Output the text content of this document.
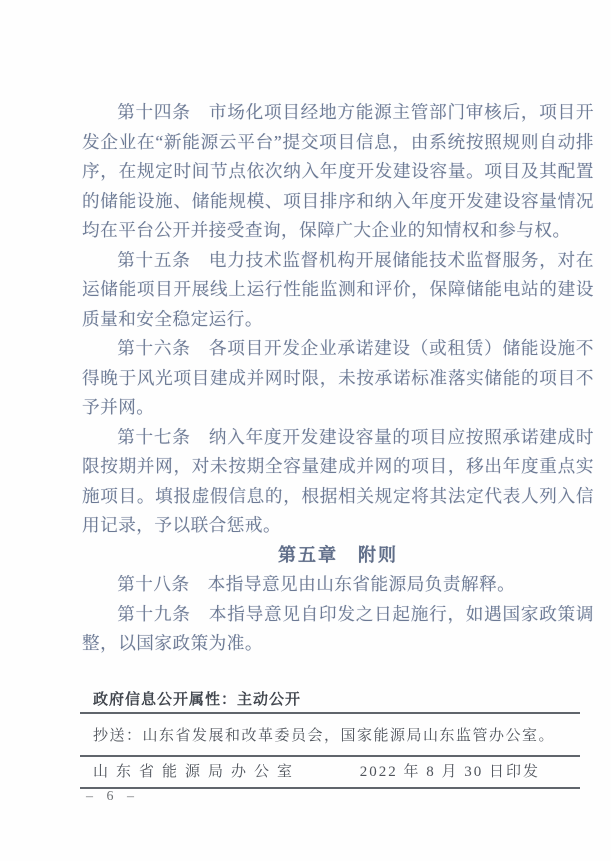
第十四条　市场化项目经地方能源主管部门审核后，项目开发企业在“新能源云平台”提交项目信息，由系统按照规则自动排序，在规定时间节点依次纳入年度开发建设容量。项目及其配置的储能设施、储能规模、项目排序和纳入年度开发建设容量情况均在平台公开并接受查询，保障广大企业的知情权和参与权。

第十五条　电力技术监督机构开展储能技术监督服务，对在运储能项目开展线上运行性能监测和评价，保障储能电站的建设质量和安全稳定运行。

第十六条　各项目开发企业承诺建设（或租赁）储能设施不得晚于风光项目建成并网时限，未按承诺标准落实储能的项目不予并网。

第十七条　纳入年度开发建设容量的项目应按照承诺建成时限按期并网，对未按期全容量建成并网的项目，移出年度重点实施项目。填报虚假信息的，根据相关规定将其法定代表人列入信用记录，予以联合惩戒。

第五章　附则

第十八条　本指导意见由山东省能源局负责解释。

第十九条　本指导意见自印发之日起施行，如遇国家政策调整，以国家政策为准。

政府信息公开属性：主动公开
抄送：山东省发展和改革委员会，国家能源局山东监管办公室。
山东省能源局办公室	2022 年 8 月 30 日印发
– 6 –
